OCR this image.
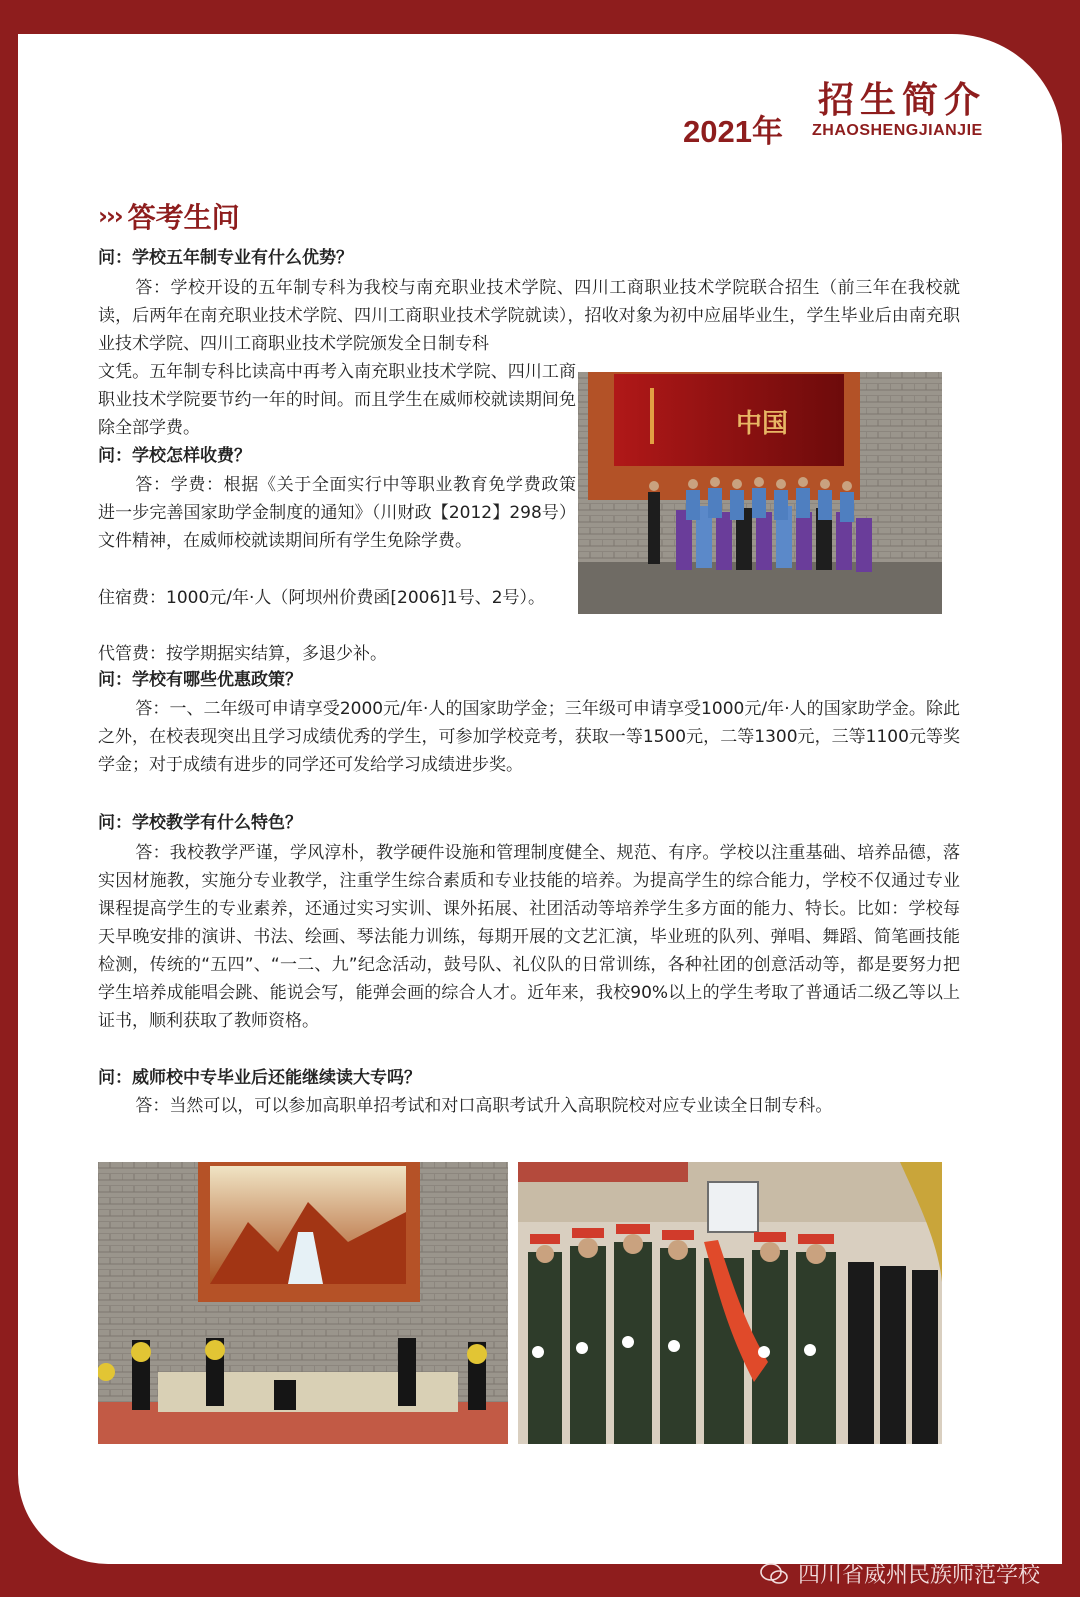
招生简介
2021年 ZHAOSHENGJIANJIE
››› 答考生问

问：学校五年制专业有什么优势？

答：学校开设的五年制专科为我校与南充职业技术学院、四川工商职业技术学院联合招生（前三年在我校就读，后两年在南充职业技术学院、四川工商职业技术学院就读），招收对象为初中应届毕业生，学生毕业后由南充职业技术学院、四川工商职业技术学院颁发全日制专科

文凭。五年制专科比读高中再考入南充职业技术学院、四川工商职业技术学院要节约一年的时间。而且学生在威师校就读期间免除全部学费。

问：学校怎样收费？

答：学费：根据《关于全面实行中等职业教育免学费政策进一步完善国家助学金制度的通知》（川财政【2012】298号）文件精神，在威师校就读期间所有学生免除学费。

住宿费：1000元/年·人（阿坝州价费函[2006]1号、2号）。

代管费：按学期据实结算，多退少补。

中国

问：学校有哪些优惠政策？

答：一、二年级可申请享受2000元/年·人的国家助学金；三年级可申请享受1000元/年·人的国家助学金。除此之外，在校表现突出且学习成绩优秀的学生，可参加学校竞考，获取一等1500元，二等1300元，三等1100元等奖学金；对于成绩有进步的同学还可发给学习成绩进步奖。

问：学校教学有什么特色？

答：我校教学严谨，学风淳朴，教学硬件设施和管理制度健全、规范、有序。学校以注重基础、培养品德，落实因材施教，实施分专业教学，注重学生综合素质和专业技能的培养。为提高学生的综合能力，学校不仅通过专业课程提高学生的专业素养，还通过实习实训、课外拓展、社团活动等培养学生多方面的能力、特长。比如：学校每天早晚安排的演讲、书法、绘画、琴法能力训练，每期开展的文艺汇演，毕业班的队列、弹唱、舞蹈、简笔画技能检测，传统的“五四”、“一二、九”纪念活动，鼓号队、礼仪队的日常训练，各种社团的创意活动等，都是要努力把学生培养成能唱会跳、能说会写，能弹会画的综合人才。近年来，我校90%以上的学生考取了普通话二级乙等以上证书，顺利获取了教师资格。

问：威师校中专毕业后还能继续读大专吗？

答：当然可以，可以参加高职单招考试和对口高职考试升入高职院校对应专业读全日制专科。

四川省威州民族师范学校
